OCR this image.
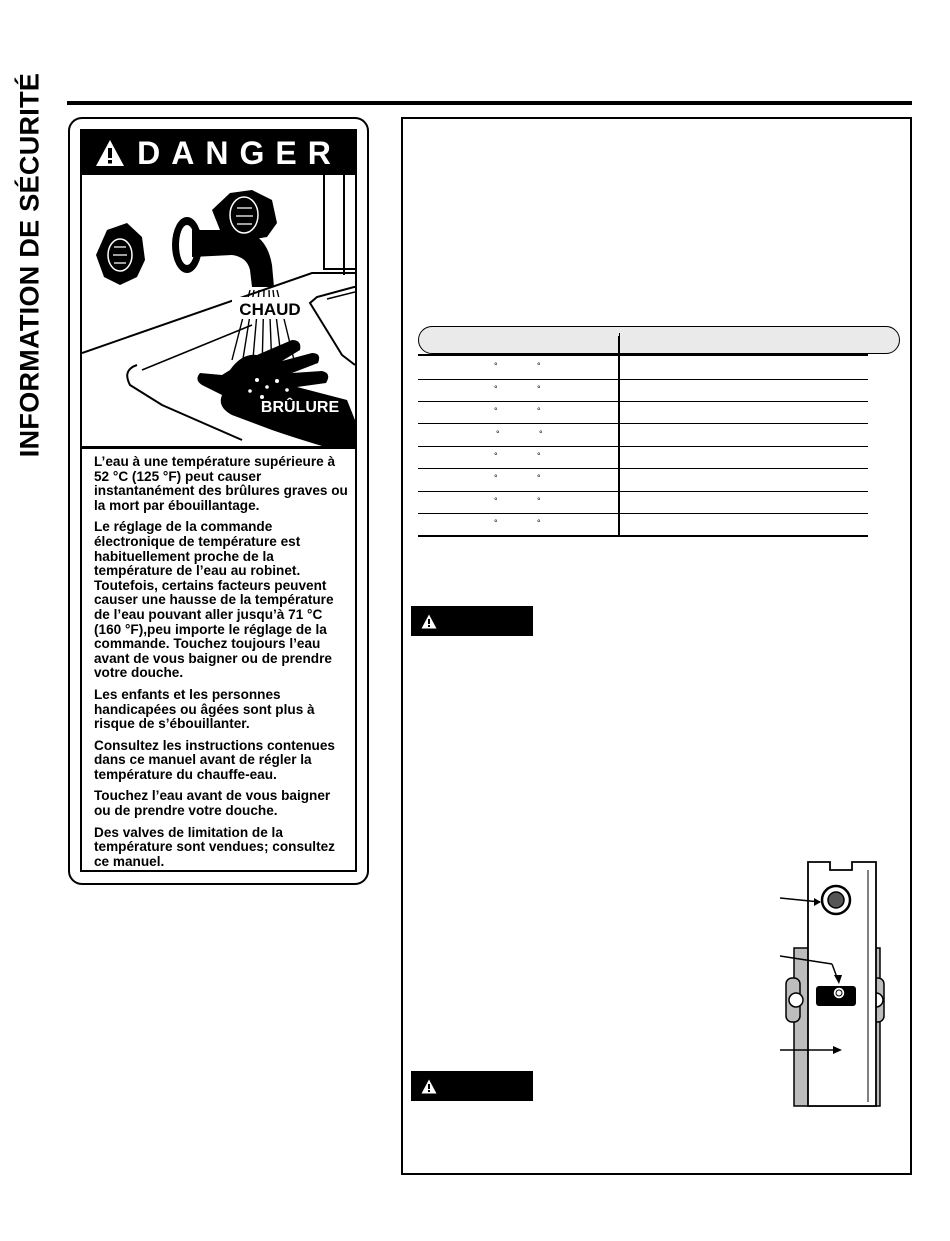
INFORMATION DE SÉCURITÉ	DANGER
CHAUD
BRÛLURE

L’eau à une température supérieure à 52 °C (125 °F) peut causer instantanément des brûlures graves ou la mort par ébouillantage.

Le réglage de la commande électronique de température est habituellement proche de la température de l’eau au robinet. Toutefois, certains facteurs peuvent causer une hausse de la température de l’eau pouvant aller jusqu’à 71 °C (160 °F),peu importe le réglage de la commande. Touchez toujours l’eau avant de vous baigner ou de prendre votre douche.

Les enfants et les personnes handicapées ou âgées sont plus à risque de s’ébouillanter.

Consultez les instructions contenues dans ce manuel avant de régler la température du chauffe-eau.

Touchez l’eau avant de vous baigner ou de prendre votre douche.

Des valves de limitation de la température sont vendues; consultez ce manuel.

°	°
°	°
°	°
°	°
°	°
°	°
°	°
°	°
